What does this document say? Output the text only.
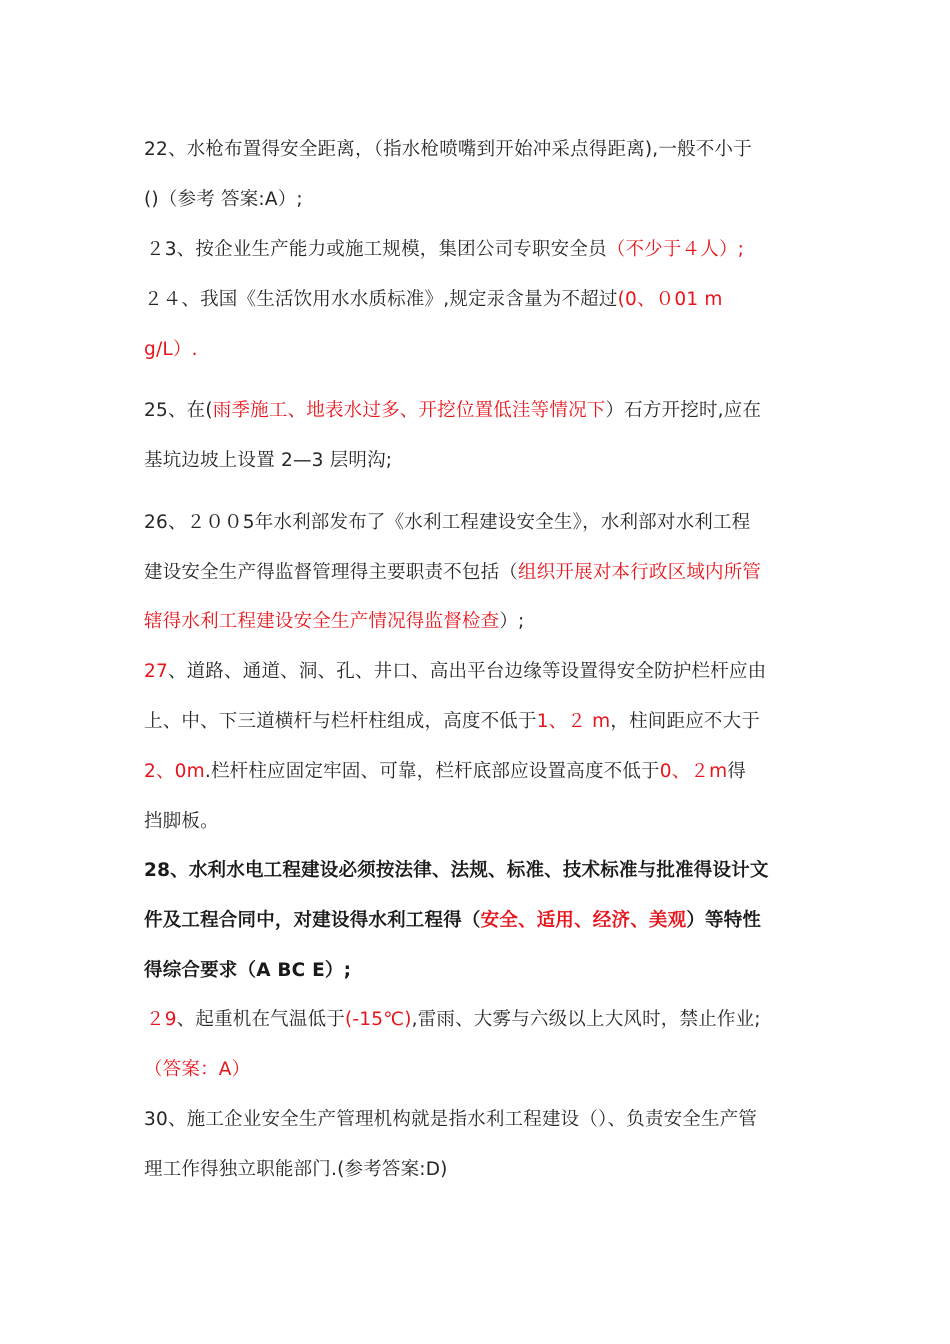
22、水枪布置得安全距离，（指水枪喷嘴到开始冲采点得距离),一般不小于
()（参考 答案:A）;
２3、按企业生产能力或施工规模，集团公司专职安全员（不少于４人）;
２４、我国《生活饮用水水质标准》,规定汞含量为不超过(0、０01 m
g/L）.
25、在(雨季施工、地表水过多、开挖位置低洼等情况下）石方开挖时,应在
基坑边坡上设置 2—3 层明沟;
26、２００5年水利部发布了《水利工程建设安全生》，水利部对水利工程
建设安全生产得监督管理得主要职责不包括（组织开展对本行政区域内所管
辖得水利工程建设安全生产情况得监督检查）;
27、道路、通道、洞、孔、井口、高出平台边缘等设置得安全防护栏杆应由
上、中、下三道横杆与栏杆柱组成，高度不低于1、２ m，柱间距应不大于
2、0m.栏杆柱应固定牢固、可靠，栏杆底部应设置高度不低于0、２m得
挡脚板。
28、水利水电工程建设必须按法律、法规、标准、技术标准与批准得设计文
件及工程合同中，对建设得水利工程得（安全、适用、经济、美观）等特性
得综合要求（A BC E）;
２9、起重机在气温低于(-15℃),雷雨、大雾与六级以上大风时，禁止作业;
（答案：A）
30、施工企业安全生产管理机构就是指水利工程建设（）、负责安全生产管
理工作得独立职能部门.(参考答案:D)
